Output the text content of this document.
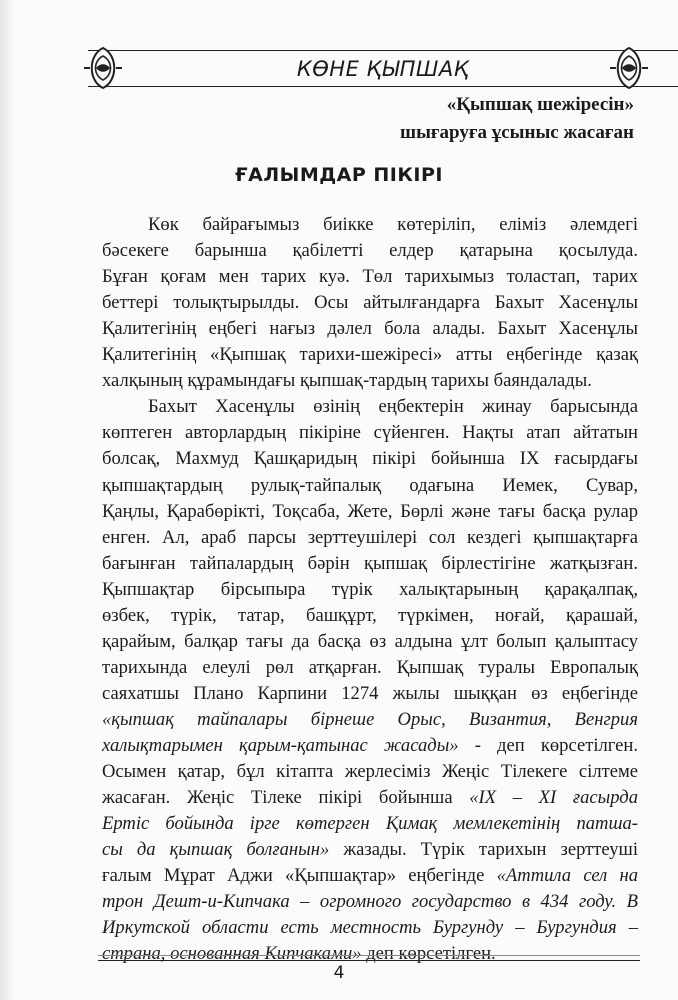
КӨНЕ ҚЫПШАҚ
«Қыпшақ шежіресін»
шығаруға ұсыныс жасаған
ҒАЛЫМДАР ПІКІРІ
Көк байрағымыз биікке көтеріліп, еліміз әлемдегі
бәсекеге барынша қабілетті елдер қатарына қосылуда.
Бұған қоғам мен тарих куә. Төл тарихымыз толастап, тарих
беттері толықтырылды. Осы айтылғандарға Бахыт Хасенұлы
Қалитегінің еңбегі нағыз дәлел бола алады. Бахыт Хасенұлы
Қалитегінің «Қыпшақ тарихи-шежіресі» атты еңбегінде қазақ
халқының құрамындағы қыпшақ-тардың тарихы баяндалады.
Бахыт Хасенұлы өзінің еңбектерін жинау барысында
көптеген авторлардың пікіріне сүйенген. Нақты атап айтатын
болсақ, Махмуд Қашқаридың пікірі бойынша IX ғасырдағы
қыпшақтардың рулық-тайпалық одағына Иемек, Сувар,
Қаңлы, Қарабөрікті, Тоқсаба, Жете, Бөрлі және тағы басқа рулар
енген. Ал, араб парсы зерттеушілері сол кездегі қыпшақтарға
бағынған тайпалардың бәрін қыпшақ бірлестігіне жатқызған.
Қыпшақтар бірсыпыра түрік халықтарының қарақалпақ,
өзбек, түрік, татар, башқұрт, түркімен, ноғай, қарашай,
қарайым, балқар тағы да басқа өз алдына ұлт болып қалыптасу
тарихында елеулі рөл атқарған. Қыпшақ туралы Европалық
саяхатшы Плано Карпини 1274 жылы шыққан өз еңбегінде
«қыпшақ тайпалары бірнеше Орыс, Византия, Венгрия
халықтарымен қарым-қатынас жасады» - деп көрсетілген.
Осымен қатар, бұл кітапта жерлесіміз Жеңіс Тілекеге сілтеме
жасаған. Жеңіс Тілеке пікірі бойынша «IX – XI ғасырда
Ертіс бойында ірге көтерген Қимақ мемлекетінің патша-
сы да қыпшақ болғанын» жазады. Түрік тарихын зерттеуші
ғалым Мұрат Аджи «Қыпшақтар» еңбегінде «Аттила сел на
трон Дешт-и-Кипчака – огромного государство в 434 году. В
Иркутской области есть местность Бургунду – Бургундия –
страна, основанная Кипчаками» деп көрсетілген.
4
